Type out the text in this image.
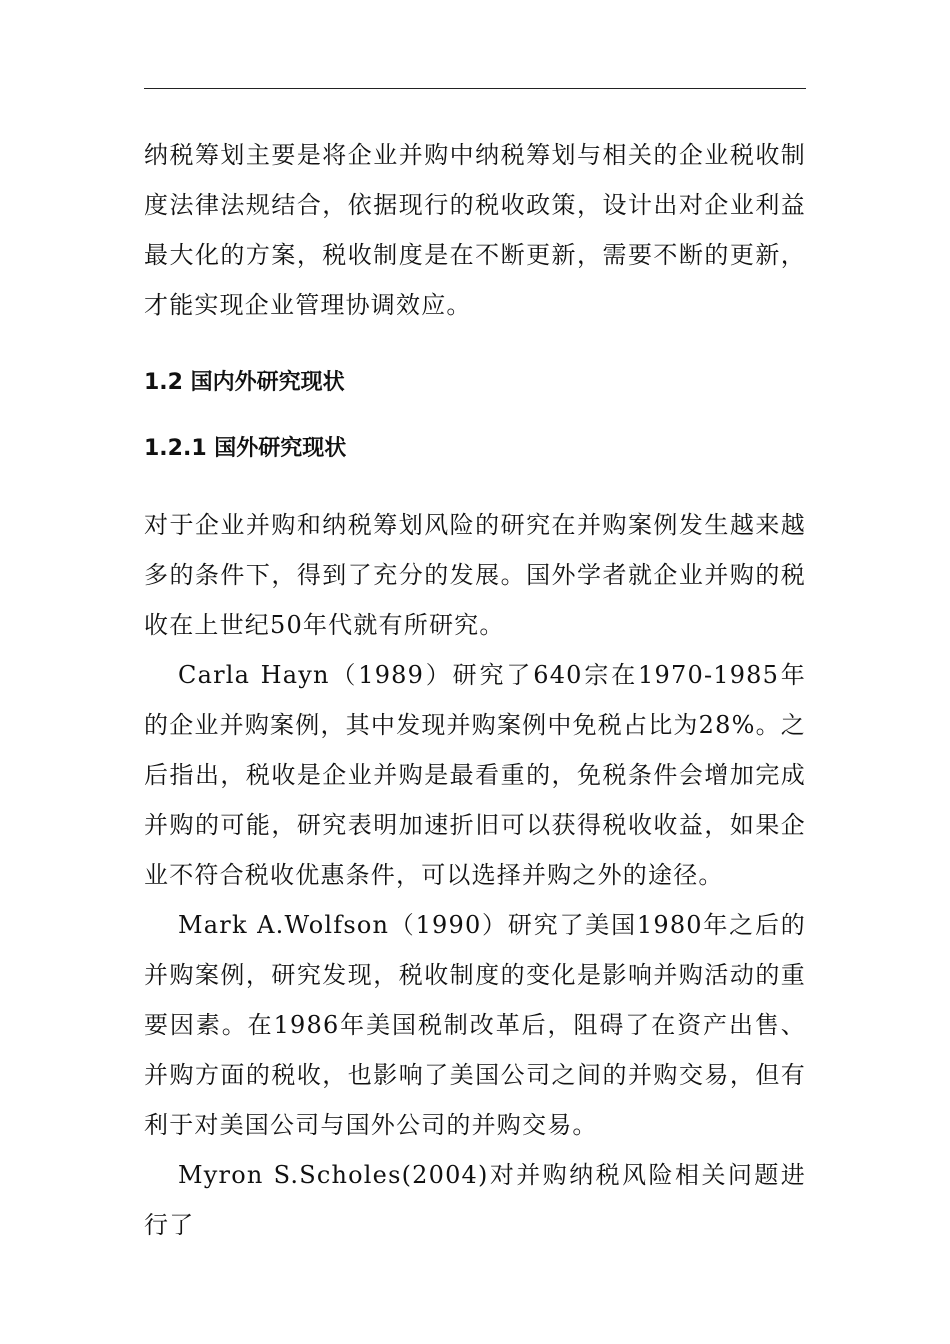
纳税筹划主要是将企业并购中纳税筹划与相关的企业税收制度法律法规结合，依据现行的税收政策，设计出对企业利益最大化的方案，税收制度是在不断更新，需要不断的更新，才能实现企业管理协调效应。

1.2 国内外研究现状
1.2.1 国外研究现状

对于企业并购和纳税筹划风险的研究在并购案例发生越来越多的条件下，得到了充分的发展。国外学者就企业并购的税收在上世纪50年代就有所研究。

Carla Hayn（1989）研究了640宗在1970-1985年的企业并购案例，其中发现并购案例中免税占比为28%。之后指出，税收是企业并购是最看重的，免税条件会增加完成并购的可能，研究表明加速折旧可以获得税收收益，如果企业不符合税收优惠条件，可以选择并购之外的途径。

Mark A.Wolfson（1990）研究了美国1980年之后的并购案例，研究发现，税收制度的变化是影响并购活动的重要因素。在1986年美国税制改革后，阻碍了在资产出售、并购方面的税收，也影响了美国公司之间的并购交易，但有利于对美国公司与国外公司的并购交易。

Myron S.Scholes(2004)对并购纳税风险相关问题进行了
